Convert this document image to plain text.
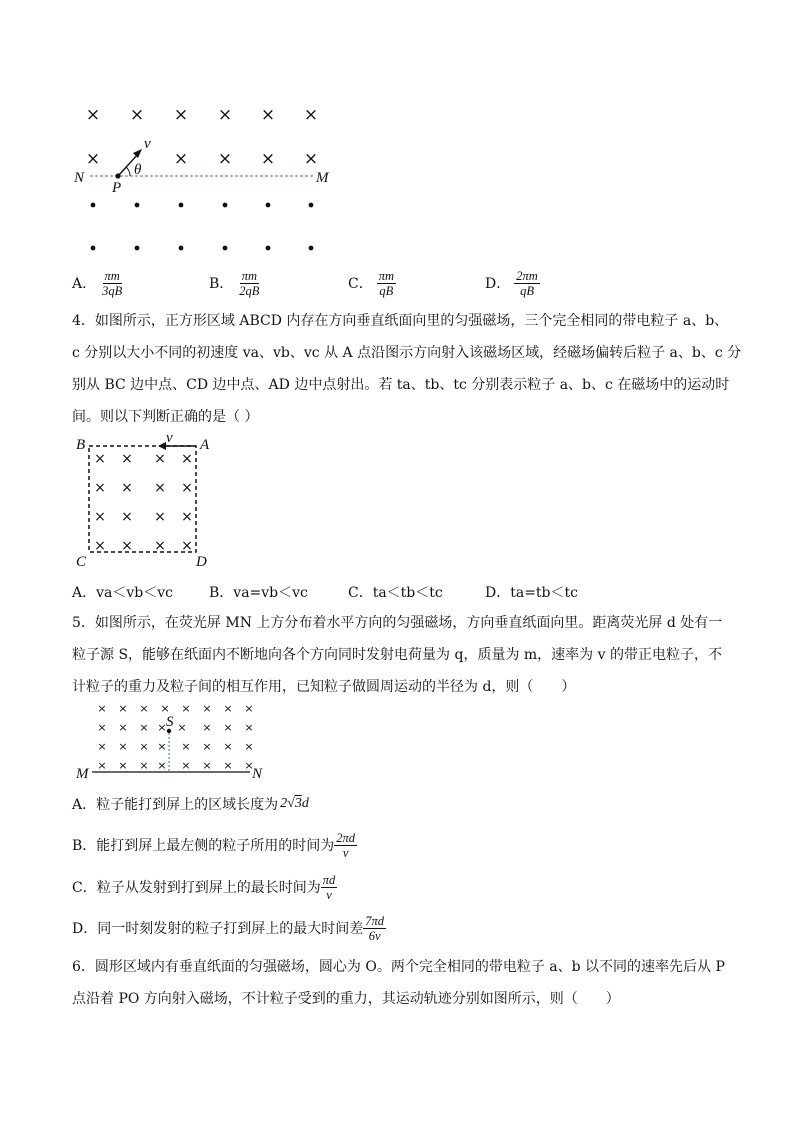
× × × × × ×
×	× × × ×
N	M
P
v
θ
A． $\frac{\pi m}{3qB}$	B． $\frac{\pi m}{2qB}$	C． $\frac{\pi m}{qB}$	D． $\frac{2\pi m}{qB}$
4．如图所示，正方形区域 ABCD 内存在方向垂直纸面向里的匀强磁场，三个完全相同的带电粒子 a、b、
c 分别以大小不同的初速度 va、vb、vc 从 A 点沿图示方向射入该磁场区域，经磁场偏转后粒子 a、b、c 分
别从 BC 边中点、CD 边中点、AD 边中点射出。若 ta、tb、tc 分别表示粒子 a、b、c 在磁场中的运动时
间。则以下判断正确的是（ ）
B	A
C	D
v
× × × ×
× × × ×
× × × ×
× × × ×
A．va＜vb＜vc	B．va=vb＜vc	C．ta＜tb＜tc	D．ta=tb＜tc
5．如图所示，在荧光屏 MN 上方分布着水平方向的匀强磁场，方向垂直纸面向里。距离荧光屏 d 处有一
粒子源 S，能够在纸面内不断地向各个方向同时发射电荷量为 q，质量为 m，速率为 v 的带正电粒子，不
计粒子的重力及粒子间的相互作用，已知粒子做圆周运动的半径为 d，则（　　）
× × × × × × × ×
× × × × × × × ×
× × × × × × × ×
× × × × × × × ×
S
M	N
A．粒子能打到屏上的区域长度为 2√3d
B．能打到屏上最左侧的粒子所用的时间为 $\frac{2\pi d}{v}$
C．粒子从发射到打到屏上的最长时间为 $\frac{\pi d}{v}$
D．同一时刻发射的粒子打到屏上的最大时间差 $\frac{7\pi d}{6v}$
6．圆形区域内有垂直纸面的匀强磁场，圆心为 O。两个完全相同的带电粒子 a、b 以不同的速率先后从 P
点沿着 PO 方向射入磁场，不计粒子受到的重力，其运动轨迹分别如图所示，则（　　）
